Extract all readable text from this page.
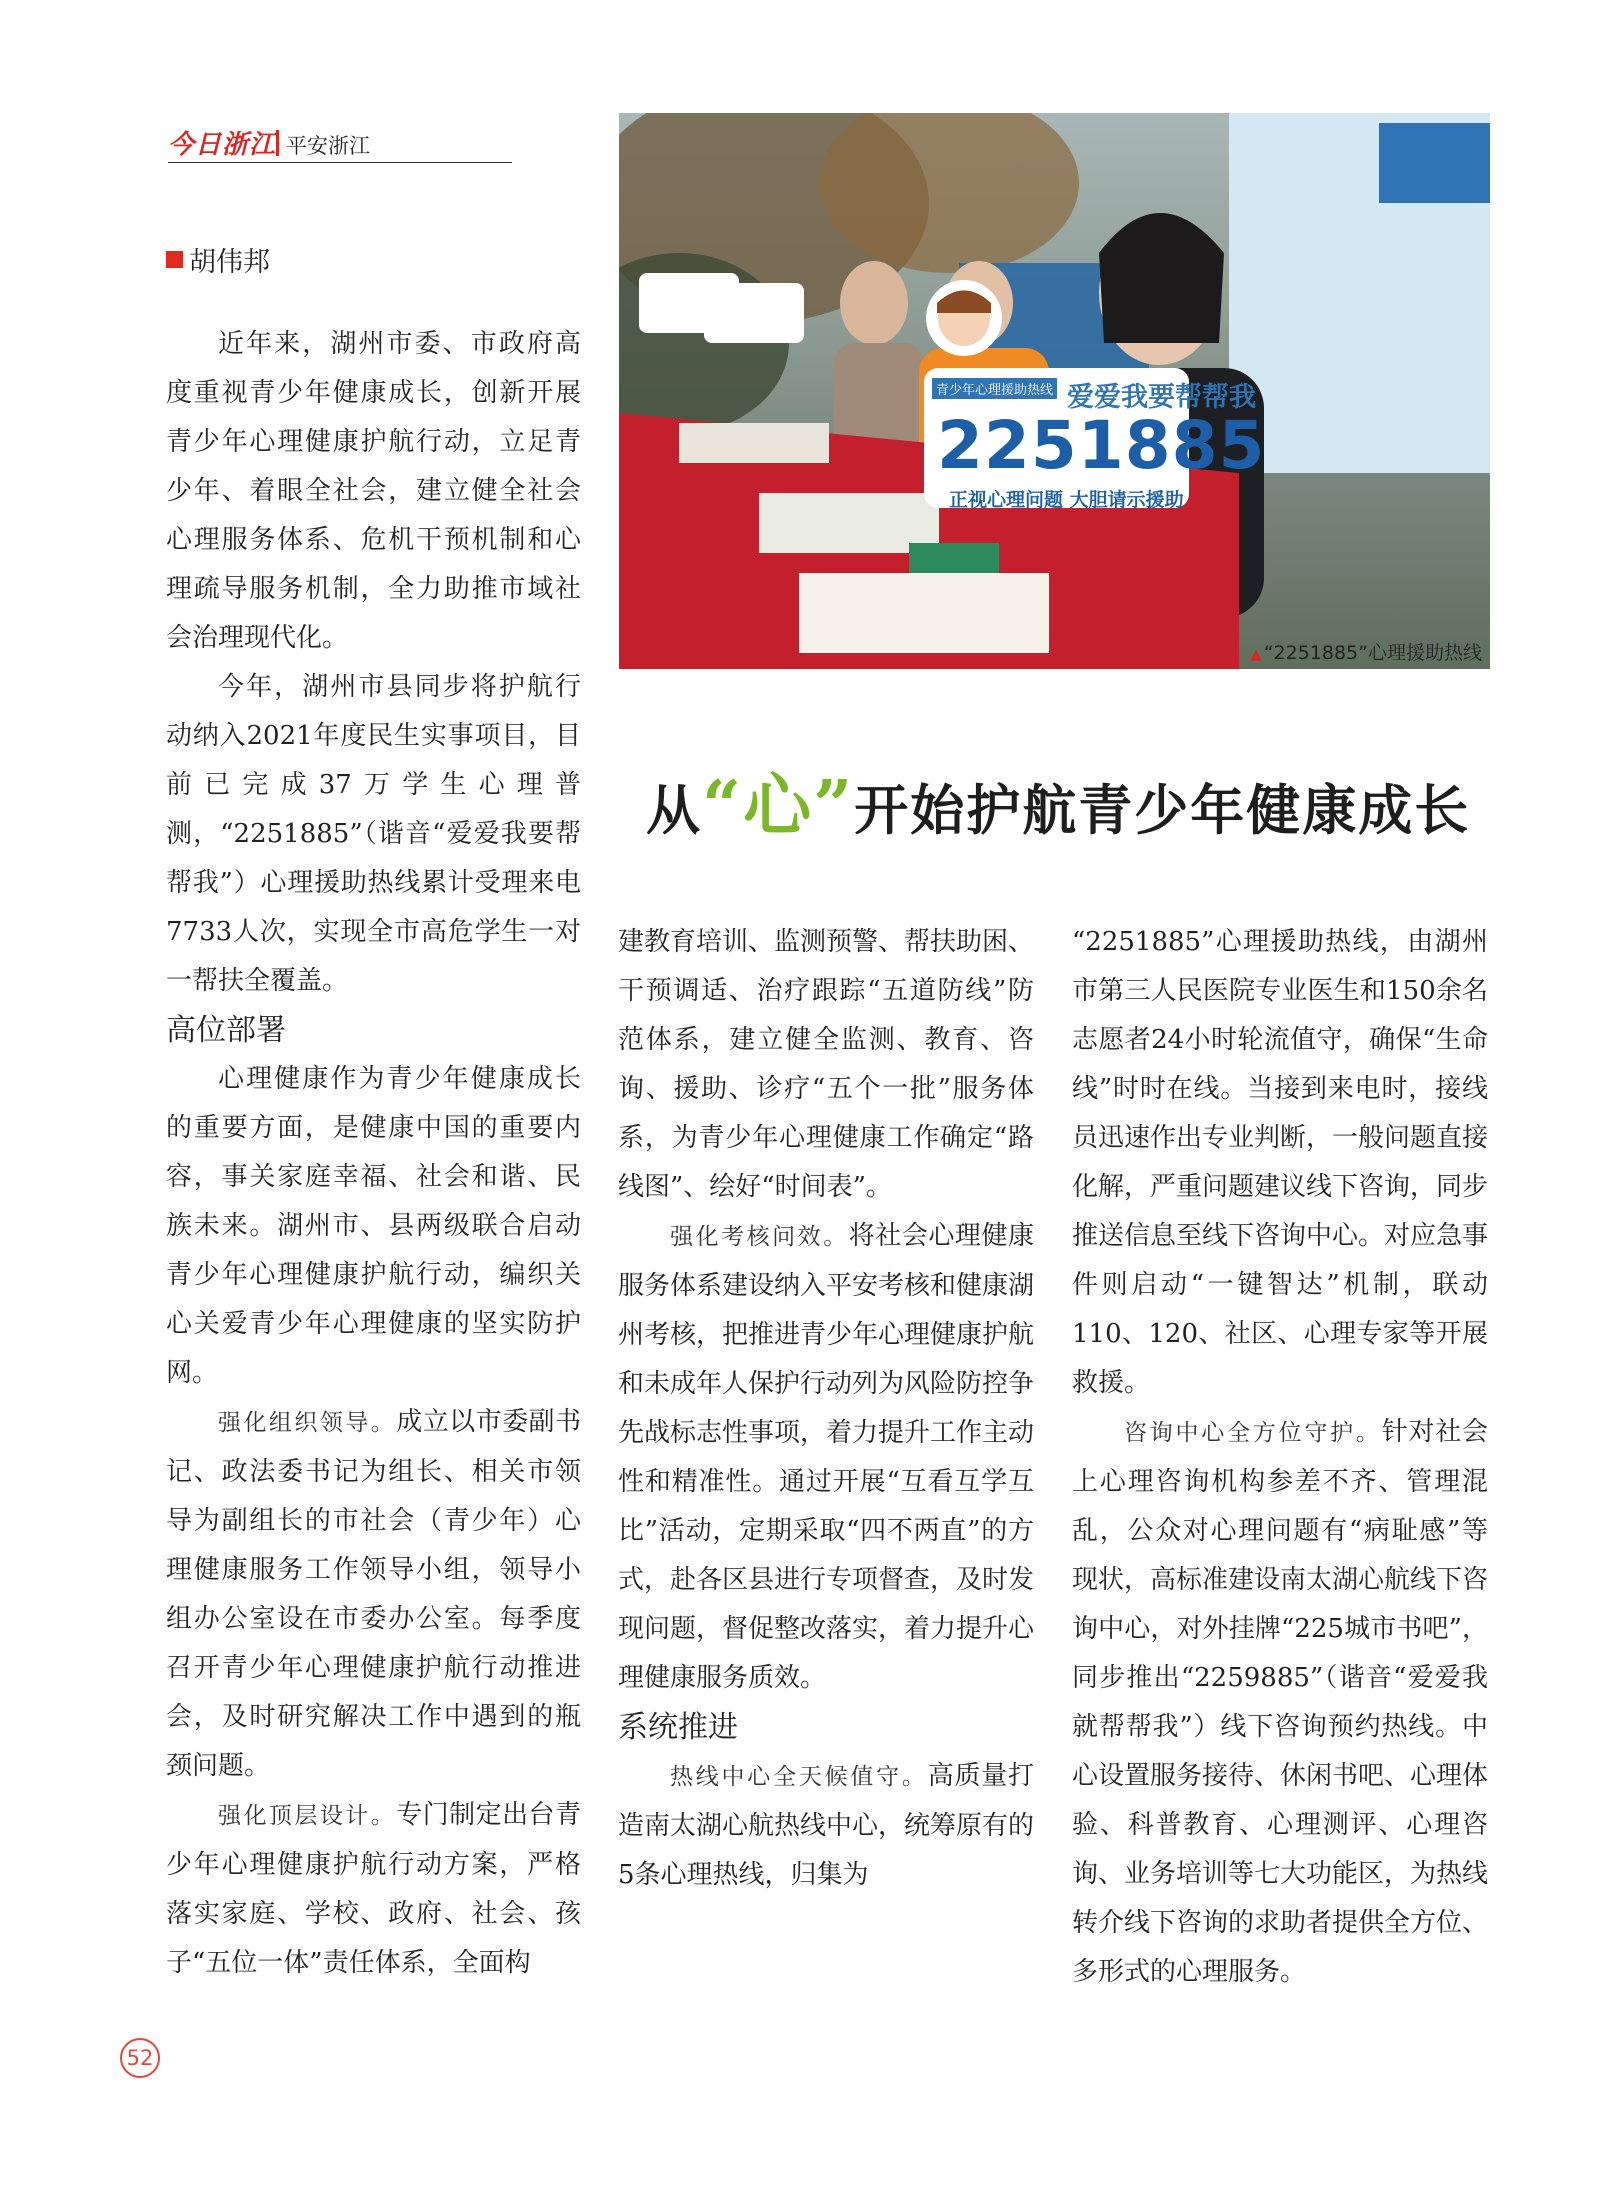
今日浙江 平安浙江
胡伟邦
青少年心理援助热线 爱爱我要帮帮我
2251885
正视心理问题 大胆请示援助
▲ “2251885”心理援助热线
从“心”开始护航青少年健康成长

近年来，湖州市委、市政府高度重视青少年健康成长，创新开展青少年心理健康护航行动，立足青少年、着眼全社会，建立健全社会心理服务体系、危机干预机制和心理疏导服务机制，全力助推市域社会治理现代化。

今年，湖州市县同步将护航行动纳入2021年度民生实事项目，目前已完成37万学生心理普测，“2251885”（谐音“爱爱我要帮帮我”）心理援助热线累计受理来电7733人次，实现全市高危学生一对一帮扶全覆盖。

高位部署

心理健康作为青少年健康成长的重要方面，是健康中国的重要内容，事关家庭幸福、社会和谐、民族未来。湖州市、县两级联合启动青少年心理健康护航行动，编织关心关爱青少年心理健康的坚实防护网。

强化组织领导。成立以市委副书记、政法委书记为组长、相关市领导为副组长的市社会（青少年）心理健康服务工作领导小组，领导小组办公室设在市委办公室。每季度召开青少年心理健康护航行动推进会，及时研究解决工作中遇到的瓶颈问题。

强化顶层设计。专门制定出台青少年心理健康护航行动方案，严格落实家庭、学校、政府、社会、孩子“五位一体”责任体系，全面构

建教育培训、监测预警、帮扶助困、干预调适、治疗跟踪“五道防线”防范体系，建立健全监测、教育、咨询、援助、诊疗“五个一批”服务体系，为青少年心理健康工作确定“路线图”、绘好“时间表”。

强化考核问效。将社会心理健康服务体系建设纳入平安考核和健康湖州考核，把推进青少年心理健康护航和未成年人保护行动列为风险防控争先战标志性事项，着力提升工作主动性和精准性。通过开展“互看互学互比”活动，定期采取“四不两直”的方式，赴各区县进行专项督查，及时发现问题，督促整改落实，着力提升心理健康服务质效。

系统推进

热线中心全天候值守。高质量打造南太湖心航热线中心，统筹原有的5条心理热线，归集为

“2251885”心理援助热线，由湖州市第三人民医院专业医生和150余名志愿者24小时轮流值守，确保“生命线”时时在线。当接到来电时，接线员迅速作出专业判断，一般问题直接化解，严重问题建议线下咨询，同步推送信息至线下咨询中心。对应急事件则启动“一键智达”机制，联动110、120、社区、心理专家等开展救援。

咨询中心全方位守护。针对社会上心理咨询机构参差不齐、管理混乱，公众对心理问题有“病耻感”等现状，高标准建设南太湖心航线下咨询中心，对外挂牌“225城市书吧”，同步推出“2259885”（谐音“爱爱我就帮帮我”）线下咨询预约热线。中心设置服务接待、休闲书吧、心理体验、科普教育、心理测评、心理咨询、业务培训等七大功能区，为热线转介线下咨询的求助者提供全方位、多形式的心理服务。

52
